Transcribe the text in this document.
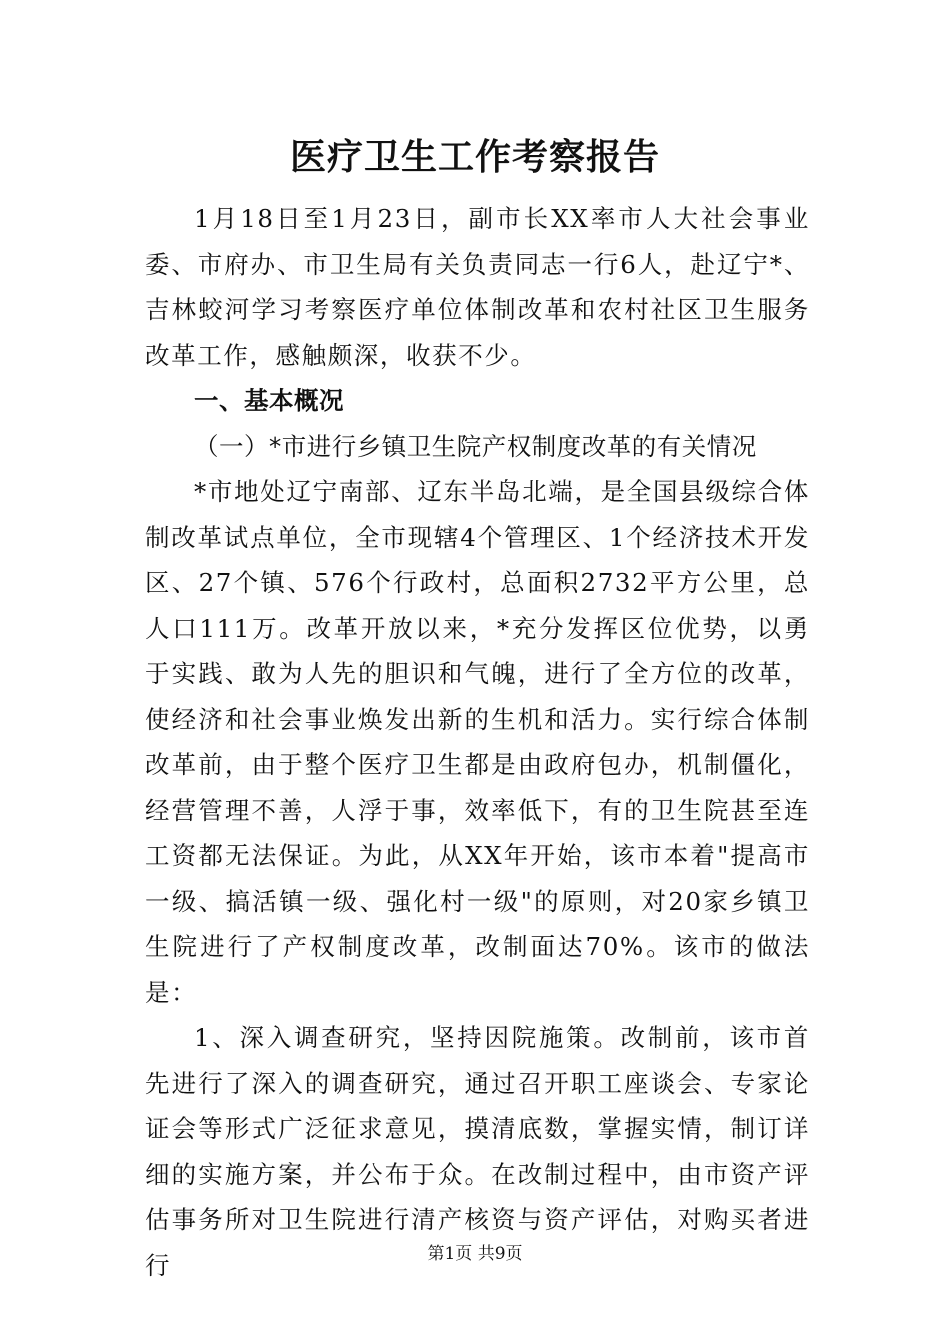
医疗卫生工作考察报告

1月18日至1月23日，副市长XX率市人大社会事业委、市府办、市卫生局有关负责同志一行6人，赴辽宁*、吉林蛟河学习考察医疗单位体制改革和农村社区卫生服务改革工作，感触颇深，收获不少。

一、基本概况

（一）*市进行乡镇卫生院产权制度改革的有关情况

*市地处辽宁南部、辽东半岛北端，是全国县级综合体制改革试点单位，全市现辖4个管理区、1个经济技术开发区、27个镇、576个行政村，总面积2732平方公里，总人口111万。改革开放以来，*充分发挥区位优势，以勇于实践、敢为人先的胆识和气魄，进行了全方位的改革，使经济和社会事业焕发出新的生机和活力。实行综合体制改革前，由于整个医疗卫生都是由政府包办，机制僵化，经营管理不善，人浮于事，效率低下，有的卫生院甚至连工资都无法保证。为此，从XX年开始，该市本着"提高市一级、搞活镇一级、强化村一级"的原则，对20家乡镇卫生院进行了产权制度改革，改制面达70%。该市的做法是：

1、深入调查研究，坚持因院施策。改制前，该市首先进行了深入的调查研究，通过召开职工座谈会、专家论证会等形式广泛征求意见，摸清底数，掌握实情，制订详细的实施方案，并公布于众。在改制过程中，由市资产评估事务所对卫生院进行清产核资与资产评估，对购买者进行	第1页 共9页
